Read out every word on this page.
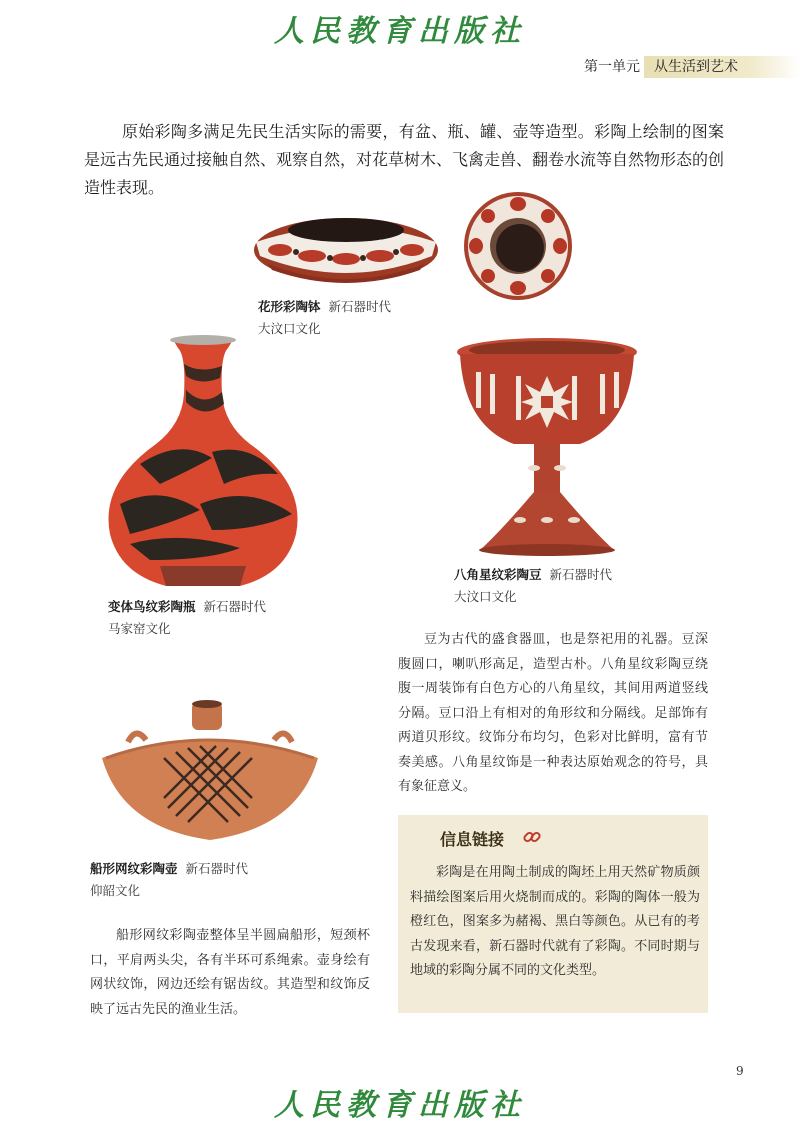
人民教育出版社
第一单元	从生活到艺术

原始彩陶多满足先民生活实际的需要，有盆、瓶、罐、壶等造型。彩陶上绘制的图案是远古先民通过接触自然、观察自然，对花草树木、飞禽走兽、翻卷水流等自然物形态的创造性表现。

花形彩陶钵 新石器时代
大汶口文化
变体鸟纹彩陶瓶 新石器时代
马家窑文化
八角星纹彩陶豆 新石器时代
大汶口文化

豆为古代的盛食器皿，也是祭祀用的礼器。豆深腹圆口，喇叭形高足，造型古朴。八角星纹彩陶豆绕腹一周装饰有白色方心的八角星纹，其间用两道竖线分隔。豆口沿上有相对的角形纹和分隔线。足部饰有两道贝形纹。纹饰分布均匀，色彩对比鲜明，富有节奏美感。八角星纹饰是一种表达原始观念的符号，具有象征意义。

船形网纹彩陶壶 新石器时代
仰韶文化

船形网纹彩陶壶整体呈半圆扁船形，短颈杯口，平肩两头尖，各有半环可系绳索。壶身绘有网状纹饰，网边还绘有锯齿纹。其造型和纹饰反映了远古先民的渔业生活。

信息链接

彩陶是在用陶土制成的陶坯上用天然矿物质颜料描绘图案后用火烧制而成的。彩陶的陶体一般为橙红色，图案多为赭褐、黑白等颜色。从已有的考古发现来看，新石器时代就有了彩陶。不同时期与地域的彩陶分属不同的文化类型。

9
人民教育出版社
